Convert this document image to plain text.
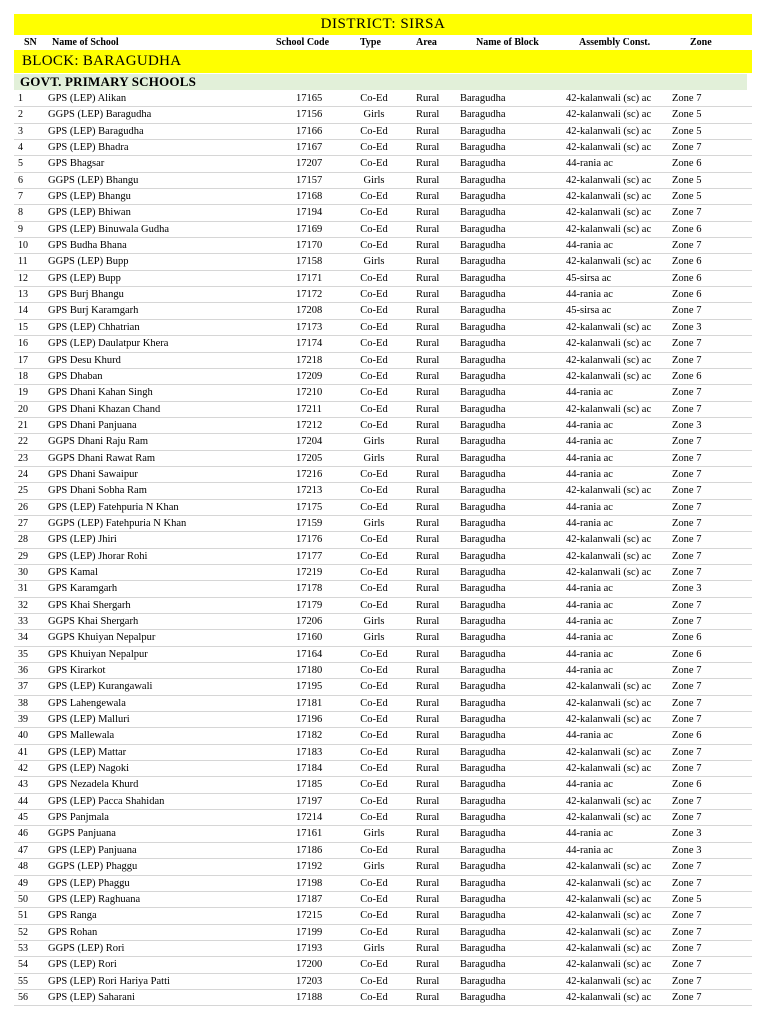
DISTRICT: SIRSA
SN Name of School	School Code	Type	Area	Name of Block	Assembly Const.	Zone
BLOCK: BARAGUDHA
GOVT. PRIMARY SCHOOLS
1 GPS (LEP) Alikan	17165	Co-Ed	Rural Baragudha	42-kalanwali (sc) ac Zone 7
2 GGPS (LEP) Baragudha	17156	Girls	Rural Baragudha	42-kalanwali (sc) ac Zone 5
3 GPS (LEP) Baragudha	17166	Co-Ed	Rural Baragudha	42-kalanwali (sc) ac Zone 5
4 GPS (LEP) Bhadra	17167	Co-Ed	Rural Baragudha	42-kalanwali (sc) ac Zone 7
5 GPS Bhagsar	17207	Co-Ed	Rural Baragudha	44-rania ac	Zone 6
6 GGPS (LEP) Bhangu	17157	Girls	Rural Baragudha	42-kalanwali (sc) ac Zone 5
7 GPS (LEP) Bhangu	17168	Co-Ed	Rural Baragudha	42-kalanwali (sc) ac Zone 5
8 GPS (LEP) Bhiwan	17194	Co-Ed	Rural Baragudha	42-kalanwali (sc) ac Zone 7
9 GPS (LEP) Binuwala Gudha	17169	Co-Ed	Rural Baragudha	42-kalanwali (sc) ac Zone 6
10 GPS Budha Bhana	17170	Co-Ed	Rural Baragudha	44-rania ac	Zone 7
11 GGPS (LEP) Bupp	17158	Girls	Rural Baragudha	42-kalanwali (sc) ac Zone 6
12 GPS (LEP) Bupp	17171	Co-Ed	Rural Baragudha	45-sirsa ac	Zone 6
13 GPS Burj Bhangu	17172	Co-Ed	Rural Baragudha	44-rania ac	Zone 6
14 GPS Burj Karamgarh	17208	Co-Ed	Rural Baragudha	45-sirsa ac	Zone 7
15 GPS (LEP) Chhatrian	17173	Co-Ed	Rural Baragudha	42-kalanwali (sc) ac Zone 3
16 GPS (LEP) Daulatpur Khera	17174	Co-Ed	Rural Baragudha	42-kalanwali (sc) ac Zone 7
17 GPS Desu Khurd	17218	Co-Ed	Rural Baragudha	42-kalanwali (sc) ac Zone 7
18 GPS Dhaban	17209	Co-Ed	Rural Baragudha	42-kalanwali (sc) ac Zone 6
19 GPS Dhani Kahan Singh	17210	Co-Ed	Rural Baragudha	44-rania ac	Zone 7
20 GPS Dhani Khazan Chand	17211	Co-Ed	Rural Baragudha	42-kalanwali (sc) ac Zone 7
21 GPS Dhani Panjuana	17212	Co-Ed	Rural Baragudha	44-rania ac	Zone 3
22 GGPS Dhani Raju Ram	17204	Girls	Rural Baragudha	44-rania ac	Zone 7
23 GGPS Dhani Rawat Ram	17205	Girls	Rural Baragudha	44-rania ac	Zone 7
24 GPS Dhani Sawaipur	17216	Co-Ed	Rural Baragudha	44-rania ac	Zone 7
25 GPS Dhani Sobha Ram	17213	Co-Ed	Rural Baragudha	42-kalanwali (sc) ac Zone 7
26 GPS (LEP) Fatehpuria N Khan	17175	Co-Ed	Rural Baragudha	44-rania ac	Zone 7
27 GGPS (LEP) Fatehpuria N Khan	17159	Girls	Rural Baragudha	44-rania ac	Zone 7
28 GPS (LEP) Jhiri	17176	Co-Ed	Rural Baragudha	42-kalanwali (sc) ac Zone 7
29 GPS (LEP) Jhorar Rohi	17177	Co-Ed	Rural Baragudha	42-kalanwali (sc) ac Zone 7
30 GPS Kamal	17219	Co-Ed	Rural Baragudha	42-kalanwali (sc) ac Zone 7
31 GPS Karamgarh	17178	Co-Ed	Rural Baragudha	44-rania ac	Zone 3
32 GPS Khai Shergarh	17179	Co-Ed	Rural Baragudha	44-rania ac	Zone 7
33 GGPS Khai Shergarh	17206	Girls	Rural Baragudha	44-rania ac	Zone 7
34 GGPS Khuiyan Nepalpur	17160	Girls	Rural Baragudha	44-rania ac	Zone 6
35 GPS Khuiyan Nepalpur	17164	Co-Ed	Rural Baragudha	44-rania ac	Zone 6
36 GPS Kirarkot	17180	Co-Ed	Rural Baragudha	44-rania ac	Zone 7
37 GPS (LEP) Kurangawali	17195	Co-Ed	Rural Baragudha	42-kalanwali (sc) ac Zone 7
38 GPS Lahengewala	17181	Co-Ed	Rural Baragudha	42-kalanwali (sc) ac Zone 7
39 GPS (LEP) Malluri	17196	Co-Ed	Rural Baragudha	42-kalanwali (sc) ac Zone 7
40 GPS Mallewala	17182	Co-Ed	Rural Baragudha	44-rania ac	Zone 6
41 GPS (LEP) Mattar	17183	Co-Ed	Rural Baragudha	42-kalanwali (sc) ac Zone 7
42 GPS (LEP) Nagoki	17184	Co-Ed	Rural Baragudha	42-kalanwali (sc) ac Zone 7
43 GPS Nezadela Khurd	17185	Co-Ed	Rural Baragudha	44-rania ac	Zone 6
44 GPS (LEP) Pacca Shahidan	17197	Co-Ed	Rural Baragudha	42-kalanwali (sc) ac Zone 7
45 GPS Panjmala	17214	Co-Ed	Rural Baragudha	42-kalanwali (sc) ac Zone 7
46 GGPS Panjuana	17161	Girls	Rural Baragudha	44-rania ac	Zone 3
47 GPS (LEP) Panjuana	17186	Co-Ed	Rural Baragudha	44-rania ac	Zone 3
48 GGPS (LEP) Phaggu	17192	Girls	Rural Baragudha	42-kalanwali (sc) ac Zone 7
49 GPS (LEP) Phaggu	17198	Co-Ed	Rural Baragudha	42-kalanwali (sc) ac Zone 7
50 GPS (LEP) Raghuana	17187	Co-Ed	Rural Baragudha	42-kalanwali (sc) ac Zone 5
51 GPS Ranga	17215	Co-Ed	Rural Baragudha	42-kalanwali (sc) ac Zone 7
52 GPS Rohan	17199	Co-Ed	Rural Baragudha	42-kalanwali (sc) ac Zone 7
53 GGPS (LEP) Rori	17193	Girls	Rural Baragudha	42-kalanwali (sc) ac Zone 7
54 GPS (LEP) Rori	17200	Co-Ed	Rural Baragudha	42-kalanwali (sc) ac Zone 7
55 GPS (LEP) Rori Hariya Patti	17203	Co-Ed	Rural Baragudha	42-kalanwali (sc) ac Zone 7
56 GPS (LEP) Saharani	17188	Co-Ed	Rural Baragudha	42-kalanwali (sc) ac Zone 7
